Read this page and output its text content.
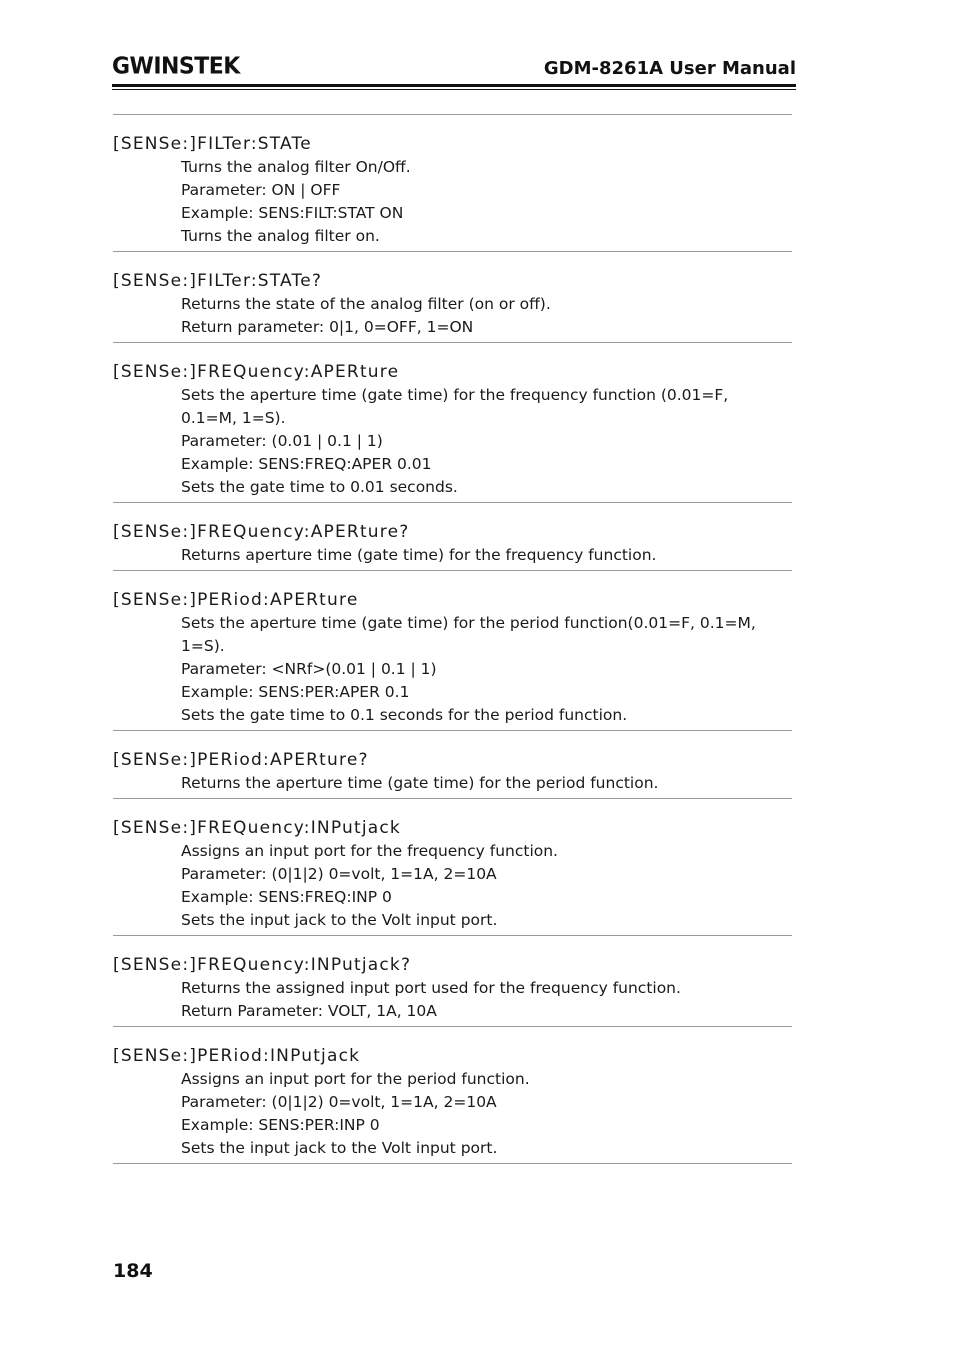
GWINSTEK	GDM-8261A User Manual
[SENSe:]FILTer:STATe
Turns the analog filter On/Off.
Parameter: ON | OFF
Example: SENS:FILT:STAT ON
Turns the analog filter on.
[SENSe:]FILTer:STATe?
Returns the state of the analog filter (on or off).
Return parameter: 0|1, 0=OFF, 1=ON
[SENSe:]FREQuency:APERture
Sets the aperture time (gate time) for the frequency function (0.01=F,
0.1=M, 1=S).
Parameter: (0.01 | 0.1 | 1)
Example: SENS:FREQ:APER 0.01
Sets the gate time to 0.01 seconds.
[SENSe:]FREQuency:APERture?
Returns aperture time (gate time) for the frequency function.
[SENSe:]PERiod:APERture
Sets the aperture time (gate time) for the period function(0.01=F, 0.1=M,
1=S).
Parameter: <NRf>(0.01 | 0.1 | 1)
Example: SENS:PER:APER 0.1
Sets the gate time to 0.1 seconds for the period function.
[SENSe:]PERiod:APERture?
Returns the aperture time (gate time) for the period function.
[SENSe:]FREQuency:INPutjack
Assigns an input port for the frequency function.
Parameter: (0|1|2) 0=volt, 1=1A, 2=10A
Example: SENS:FREQ:INP 0
Sets the input jack to the Volt input port.
[SENSe:]FREQuency:INPutjack?
Returns the assigned input port used for the frequency function.
Return Parameter: VOLT, 1A, 10A
[SENSe:]PERiod:INPutjack
Assigns an input port for the period function.
Parameter: (0|1|2) 0=volt, 1=1A, 2=10A
Example: SENS:PER:INP 0
Sets the input jack to the Volt input port.
184
